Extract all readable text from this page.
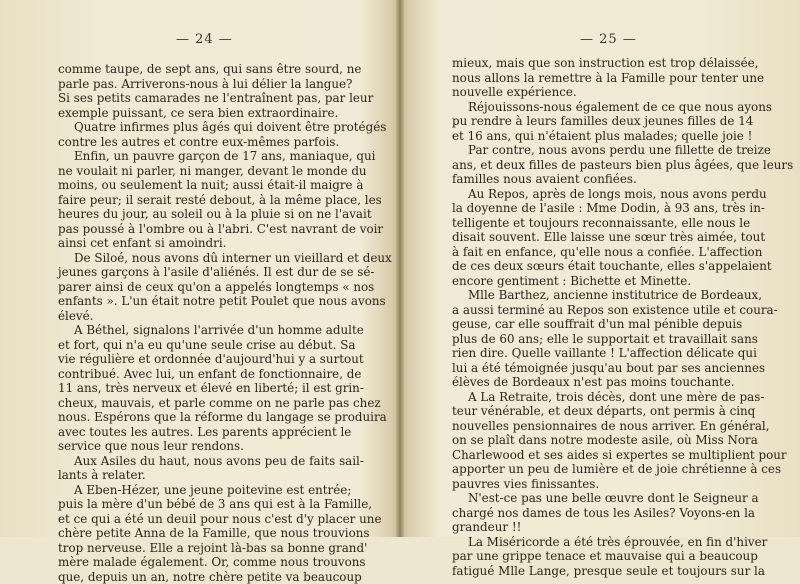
— 24 —
comme taupe, de sept ans, qui sans être sourd, ne
parle pas. Arriverons-nous à lui délier la langue?
Si ses petits camarades ne l'entraînent pas, par leur
exemple puissant, ce sera bien extraordinaire.
Quatre infirmes plus âgés qui doivent être protégés
contre les autres et contre eux-mêmes parfois.
Enfin, un pauvre garçon de 17 ans, maniaque, qui
ne voulait ni parler, ni manger, devant le monde du
moins, ou seulement la nuit; aussi était-il maigre à
faire peur; il serait resté debout, à la même place, les
heures du jour, au soleil ou à la pluie si on ne l'avait
pas poussé à l'ombre ou à l'abri. C'est navrant de voir
ainsi cet enfant si amoindri.
De Siloé, nous avons dû interner un vieillard et deux
jeunes garçons à l'asile d'aliénés. Il est dur de se sé-
parer ainsi de ceux qu'on a appelés longtemps « nos
enfants ». L'un était notre petit Poulet que nous avons
élevé.
A Béthel, signalons l'arrivée d'un homme adulte
et fort, qui n'a eu qu'une seule crise au début. Sa
vie régulière et ordonnée d'aujourd'hui y a surtout
contribué. Avec lui, un enfant de fonctionnaire, de
11 ans, très nerveux et élevé en liberté; il est grin-
cheux, mauvais, et parle comme on ne parle pas chez
nous. Espérons que la réforme du langage se produira
avec toutes les autres. Les parents apprécient le
service que nous leur rendons.
Aux Asiles du haut, nous avons peu de faits sail-
lants à relater.
A Eben-Hézer, une jeune poitevine est entrée;
puis la mère d'un bébé de 3 ans qui est à la Famille,
et ce qui a été un deuil pour nous c'est d'y placer une
chère petite Anna de la Famille, que nous trouvions
trop nerveuse. Elle a rejoint là-bas sa bonne grand'
mère malade également. Or, comme nous trouvons
que, depuis un an, notre chère petite va beaucoup
— 25 —
mieux, mais que son instruction est trop délaissée,
nous allons la remettre à la Famille pour tenter une
nouvelle expérience.
Réjouissons-nous également de ce que nous ayons
pu rendre à leurs familles deux jeunes filles de 14
et 16 ans, qui n'étaient plus malades; quelle joie !
Par contre, nous avons perdu une fillette de treize
ans, et deux filles de pasteurs bien plus âgées, que leurs
familles nous avaient confiées.
Au Repos, après de longs mois, nous avons perdu
la doyenne de l'asile : Mme Dodin, à 93 ans, très in-
telligente et toujours reconnaissante, elle nous le
disait souvent. Elle laisse une sœur très aimée, tout
à fait en enfance, qu'elle nous a confiée. L'affection
de ces deux sœurs était touchante, elles s'appelaient
encore gentiment : Bichette et Minette.
Mlle Barthez, ancienne institutrice de Bordeaux,
a aussi terminé au Repos son existence utile et coura-
geuse, car elle souffrait d'un mal pénible depuis
plus de 60 ans; elle le supportait et travaillait sans
rien dire. Quelle vaillante ! L'affection délicate qui
lui a été témoignée jusqu'au bout par ses anciennes
élèves de Bordeaux n'est pas moins touchante.
A La Retraite, trois décès, dont une mère de pas-
teur vénérable, et deux départs, ont permis à cinq
nouvelles pensionnaires de nous arriver. En général,
on se plaît dans notre modeste asile, où Miss Nora
Charlewood et ses aides si expertes se multiplient pour
apporter un peu de lumière et de joie chrétienne à ces
pauvres vies finissantes.
N'est-ce pas une belle œuvre dont le Seigneur a
chargé nos dames de tous les Asiles? Voyons-en la
grandeur !!
La Miséricorde a été très éprouvée, en fin d'hiver
par une grippe tenace et mauvaise qui a beaucoup
fatigué Mlle Lange, presque seule et toujours sur la
